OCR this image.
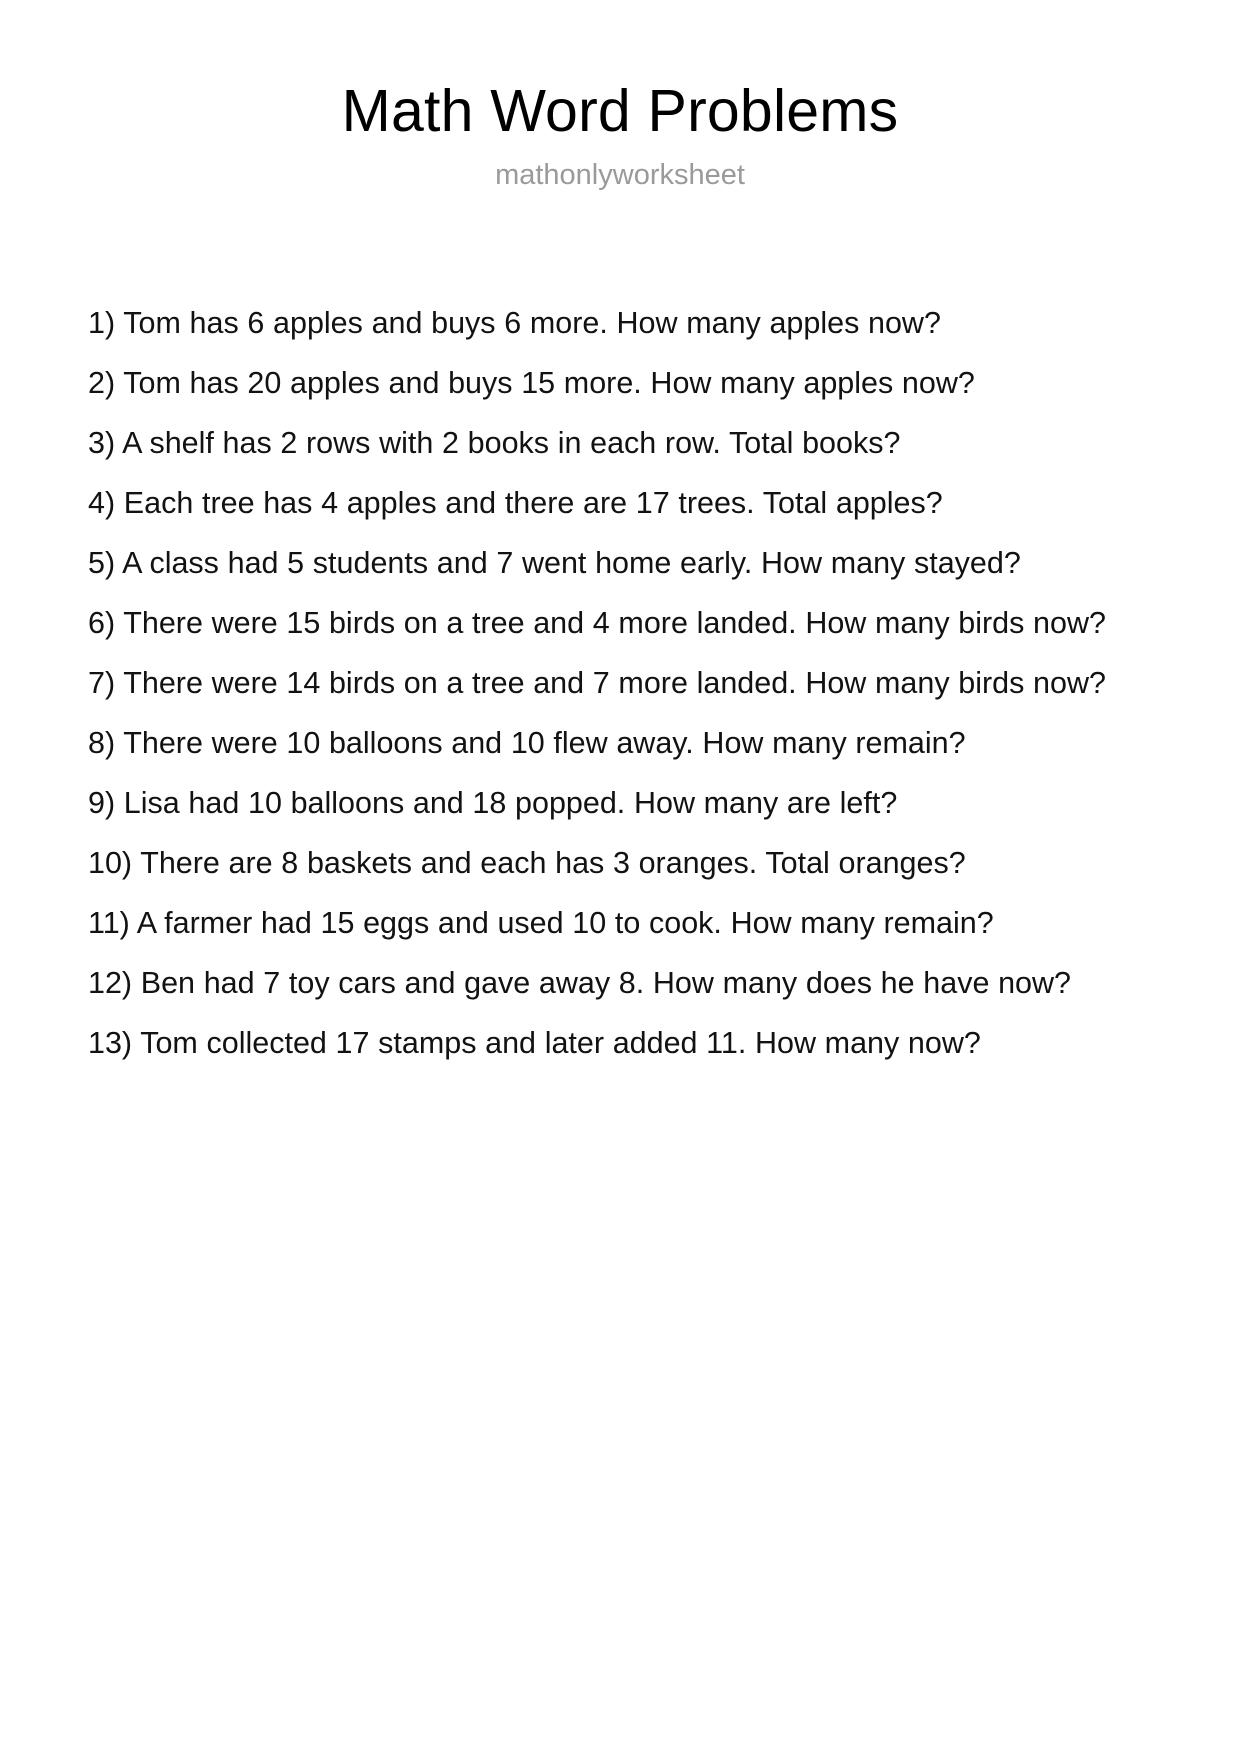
Math Word Problems

mathonlyworksheet

1) Tom has 6 apples and buys 6 more. How many apples now?
2) Tom has 20 apples and buys 15 more. How many apples now?
3) A shelf has 2 rows with 2 books in each row. Total books?
4) Each tree has 4 apples and there are 17 trees. Total apples?
5) A class had 5 students and 7 went home early. How many stayed?
6) There were 15 birds on a tree and 4 more landed. How many birds now?
7) There were 14 birds on a tree and 7 more landed. How many birds now?
8) There were 10 balloons and 10 flew away. How many remain?
9) Lisa had 10 balloons and 18 popped. How many are left?
10) There are 8 baskets and each has 3 oranges. Total oranges?
11) A farmer had 15 eggs and used 10 to cook. How many remain?
12) Ben had 7 toy cars and gave away 8. How many does he have now?
13) Tom collected 17 stamps and later added 11. How many now?
